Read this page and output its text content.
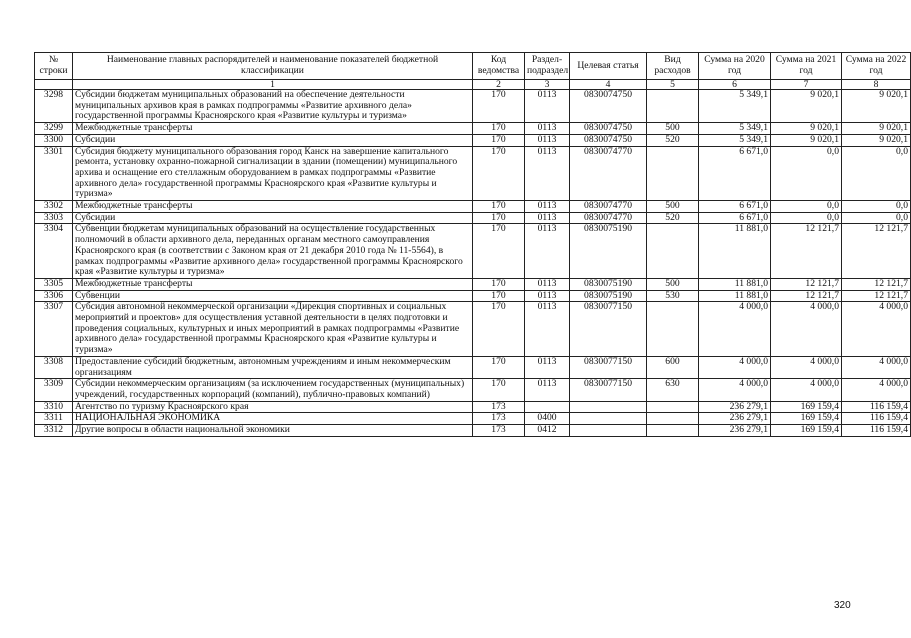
№ строки	Наименование главных распорядителей и наименование показателей бюджетной классификации	Код ведомства	Раздел-подраздел	Целевая статья	Вид расходов	Сумма на 2020 год	Сумма на 2021 год	Сумма на 2022 год
	1	2	3	4	5	6	7	8
3298	Субсидии бюджетам муниципальных образований на обеспечение деятельности муниципальных архивов края в рамках подпрограммы «Развитие архивного дела» государственной программы Красноярского края «Развитие культуры и туризма»	170	0113	0830074750		5 349,1	9 020,1	9 020,1
3299	Межбюджетные трансферты	170	0113	0830074750	500	5 349,1	9 020,1	9 020,1
3300	Субсидии	170	0113	0830074750	520	5 349,1	9 020,1	9 020,1
3301	Субсидия бюджету муниципального образования город Канск на завершение капитального ремонта, установку охранно-пожарной сигнализации в здании (помещении) муниципального архива и оснащение его стеллажным оборудованием в рамках подпрограммы «Развитие архивного дела» государственной программы Красноярского края «Развитие культуры и туризма»	170	0113	0830074770		6 671,0	0,0	0,0
3302	Межбюджетные трансферты	170	0113	0830074770	500	6 671,0	0,0	0,0
3303	Субсидии	170	0113	0830074770	520	6 671,0	0,0	0,0
3304	Субвенции бюджетам муниципальных образований на осуществление государственных полномочий в области архивного дела, переданных органам местного самоуправления Красноярского края (в соответствии с Законом края от 21 декабря 2010 года № 11-5564), в рамках подпрограммы «Развитие архивного дела» государственной программы Красноярского края «Развитие культуры и туризма»	170	0113	0830075190		11 881,0	12 121,7	12 121,7
3305	Межбюджетные трансферты	170	0113	0830075190	500	11 881,0	12 121,7	12 121,7
3306	Субвенции	170	0113	0830075190	530	11 881,0	12 121,7	12 121,7
3307	Субсидия автономной некоммерческой организации «Дирекция спортивных и социальных мероприятий и проектов» для осуществления уставной деятельности в целях подготовки и проведения социальных, культурных и иных мероприятий в рамках подпрограммы «Развитие архивного дела» государственной программы Красноярского края «Развитие культуры и туризма»	170	0113	0830077150		4 000,0	4 000,0	4 000,0
3308	Предоставление субсидий бюджетным, автономным учреждениям и иным некоммерческим организациям	170	0113	0830077150	600	4 000,0	4 000,0	4 000,0
3309	Субсидии некоммерческим организациям (за исключением государственных (муниципальных) учреждений, государственных корпораций (компаний), публично-правовых компаний)	170	0113	0830077150	630	4 000,0	4 000,0	4 000,0
3310	Агентство по туризму Красноярского края	173				236 279,1	169 159,4	116 159,4
3311	НАЦИОНАЛЬНАЯ ЭКОНОМИКА	173	0400			236 279,1	169 159,4	116 159,4
3312	Другие вопросы в области национальной экономики	173	0412			236 279,1	169 159,4	116 159,4
320
